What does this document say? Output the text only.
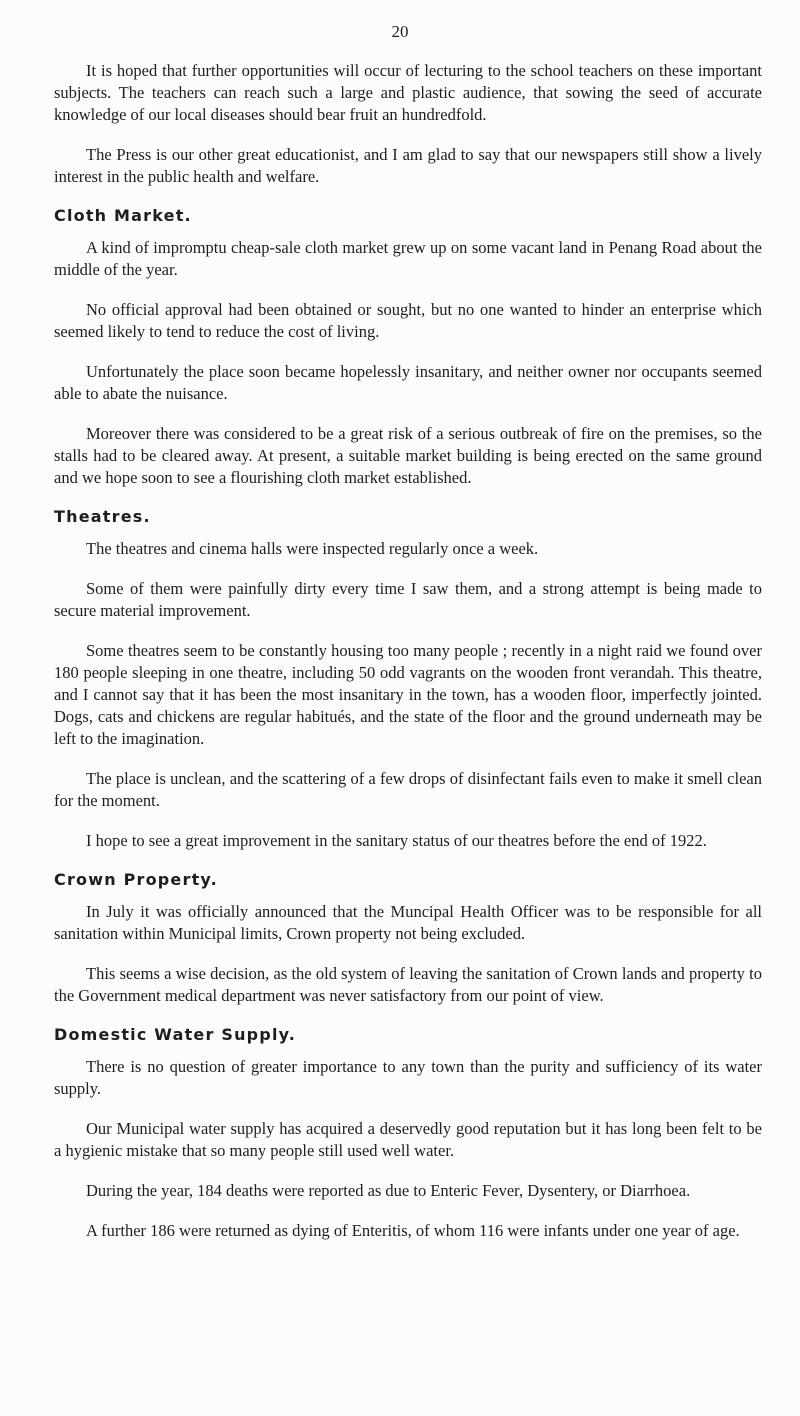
20

It is hoped that further opportunities will occur of lecturing to the school teachers on these important subjects. The teachers can reach such a large and plastic audience, that sowing the seed of accurate knowledge of our local diseases should bear fruit an hundredfold.

The Press is our other great educationist, and I am glad to say that our newspapers still show a lively interest in the public health and welfare.

Cloth Market.

A kind of impromptu cheap-sale cloth market grew up on some vacant land in Penang Road about the middle of the year.

No official approval had been obtained or sought, but no one wanted to hinder an enterprise which seemed likely to tend to reduce the cost of living.

Unfortunately the place soon became hopelessly insanitary, and neither owner nor occupants seemed able to abate the nuisance.

Moreover there was considered to be a great risk of a serious outbreak of fire on the premises, so the stalls had to be cleared away. At present, a suitable market building is being erected on the same ground and we hope soon to see a flourishing cloth market established.

Theatres.

The theatres and cinema halls were inspected regularly once a week.

Some of them were painfully dirty every time I saw them, and a strong attempt is being made to secure material improvement.

Some theatres seem to be constantly housing too many people ; recently in a night raid we found over 180 people sleeping in one theatre, including 50 odd vagrants on the wooden front verandah. This theatre, and I cannot say that it has been the most insanitary in the town, has a wooden floor, imperfectly jointed. Dogs, cats and chickens are regular habitués, and the state of the floor and the ground underneath may be left to the imagination.

The place is unclean, and the scattering of a few drops of disinfectant fails even to make it smell clean for the moment.

I hope to see a great improvement in the sanitary status of our theatres before the end of 1922.

Crown Property.

In July it was officially announced that the Muncipal Health Officer was to be responsible for all sanitation within Municipal limits, Crown property not being excluded.

This seems a wise decision, as the old system of leaving the sanitation of Crown lands and property to the Government medical department was never satisfactory from our point of view.

Domestic Water Supply.

There is no question of greater importance to any town than the purity and sufficiency of its water supply.

Our Municipal water supply has acquired a deservedly good reputation but it has long been felt to be a hygienic mistake that so many people still used well water.

During the year, 184 deaths were reported as due to Enteric Fever, Dysentery, or Diarrhoea.

A further 186 were returned as dying of Enteritis, of whom 116 were infants under one year of age.
